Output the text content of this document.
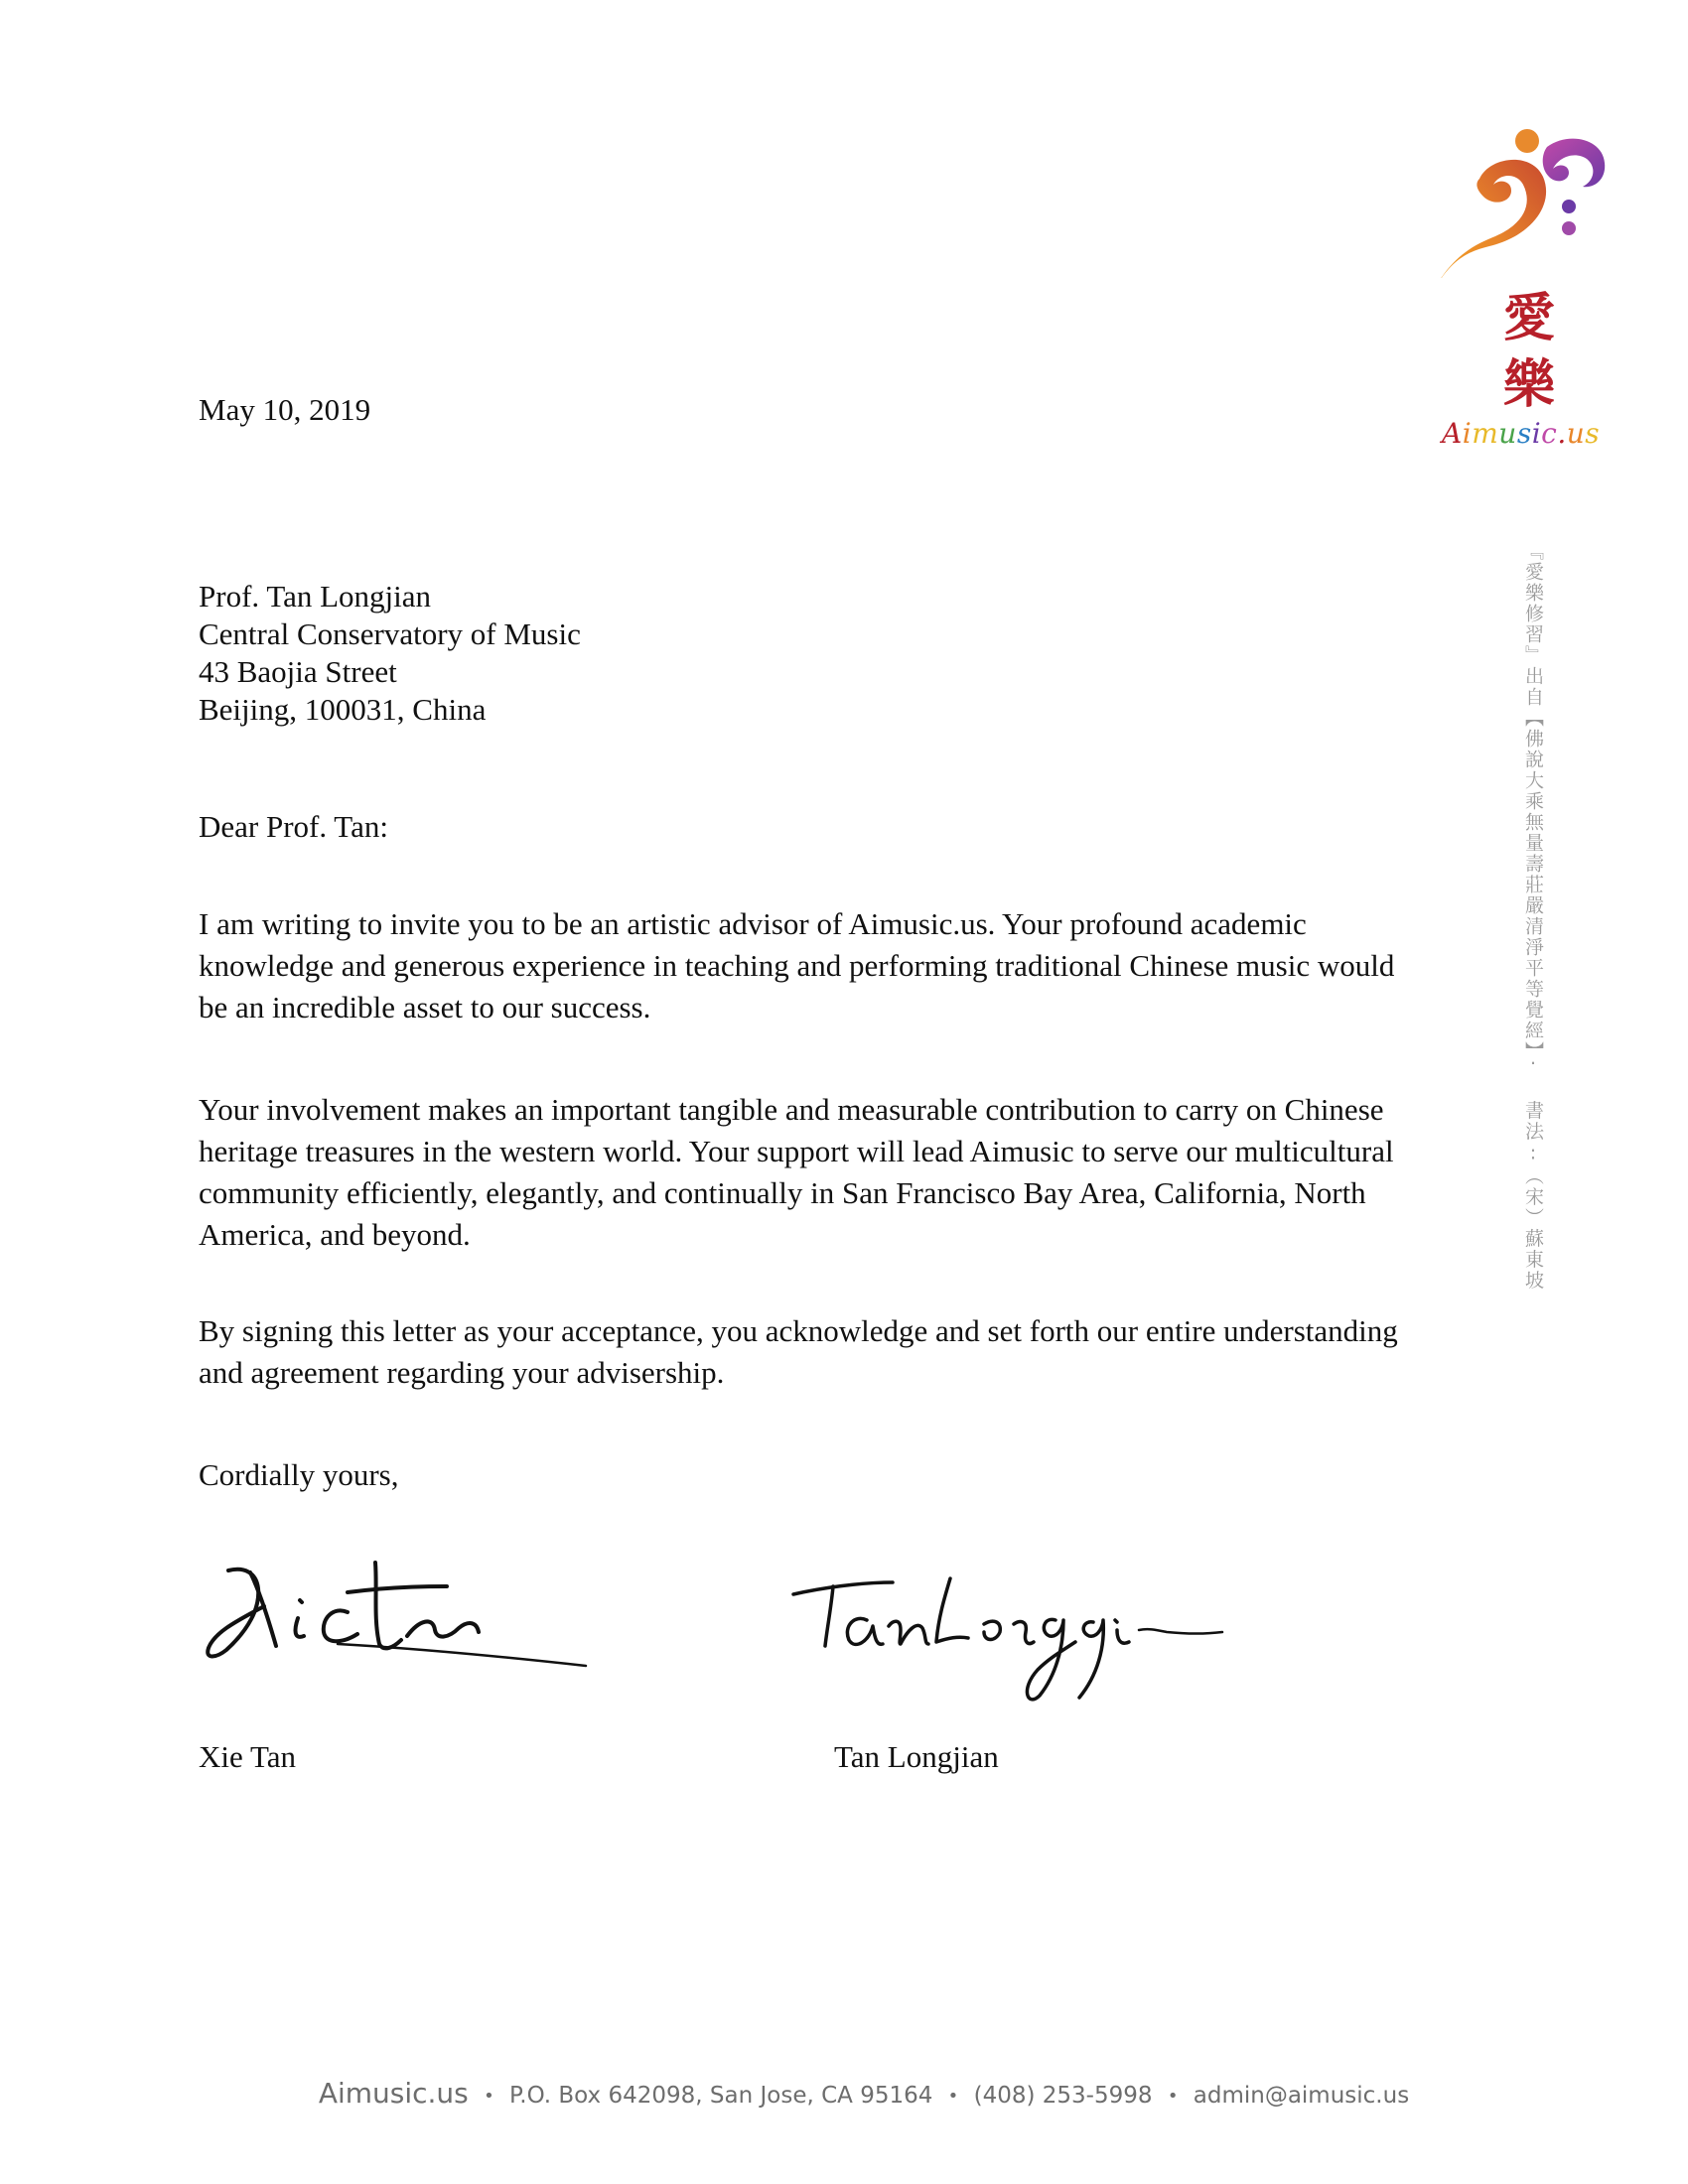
愛
樂
Aimusic.us
『愛樂修習』出自【佛說大乘無量壽莊嚴清淨平等覺經】· 書法:（宋）蘇東坡
May 10, 2019
Prof. Tan Longjian
Central Conservatory of Music
43 Baojia Street
Beijing, 100031, China
Dear Prof. Tan:
I am writing to invite you to be an artistic advisor of Aimusic.us. Your profound academic knowledge and generous experience in teaching and performing traditional Chinese music would be an incredible asset to our success.
Your involvement makes an important tangible and measurable contribution to carry on Chinese heritage treasures in the western world. Your support will lead Aimusic to serve our multicultural community efficiently, elegantly, and continually in San Francisco Bay Area, California, North America, and beyond.
By signing this letter as your acceptance, you acknowledge and set forth our entire understanding and agreement regarding your advisership.
Cordially yours,
Xie Tan	Tan Longjian
Aimusic.us • P.O. Box 642098, San Jose, CA 95164 • (408) 253-5998 • admin@aimusic.us
